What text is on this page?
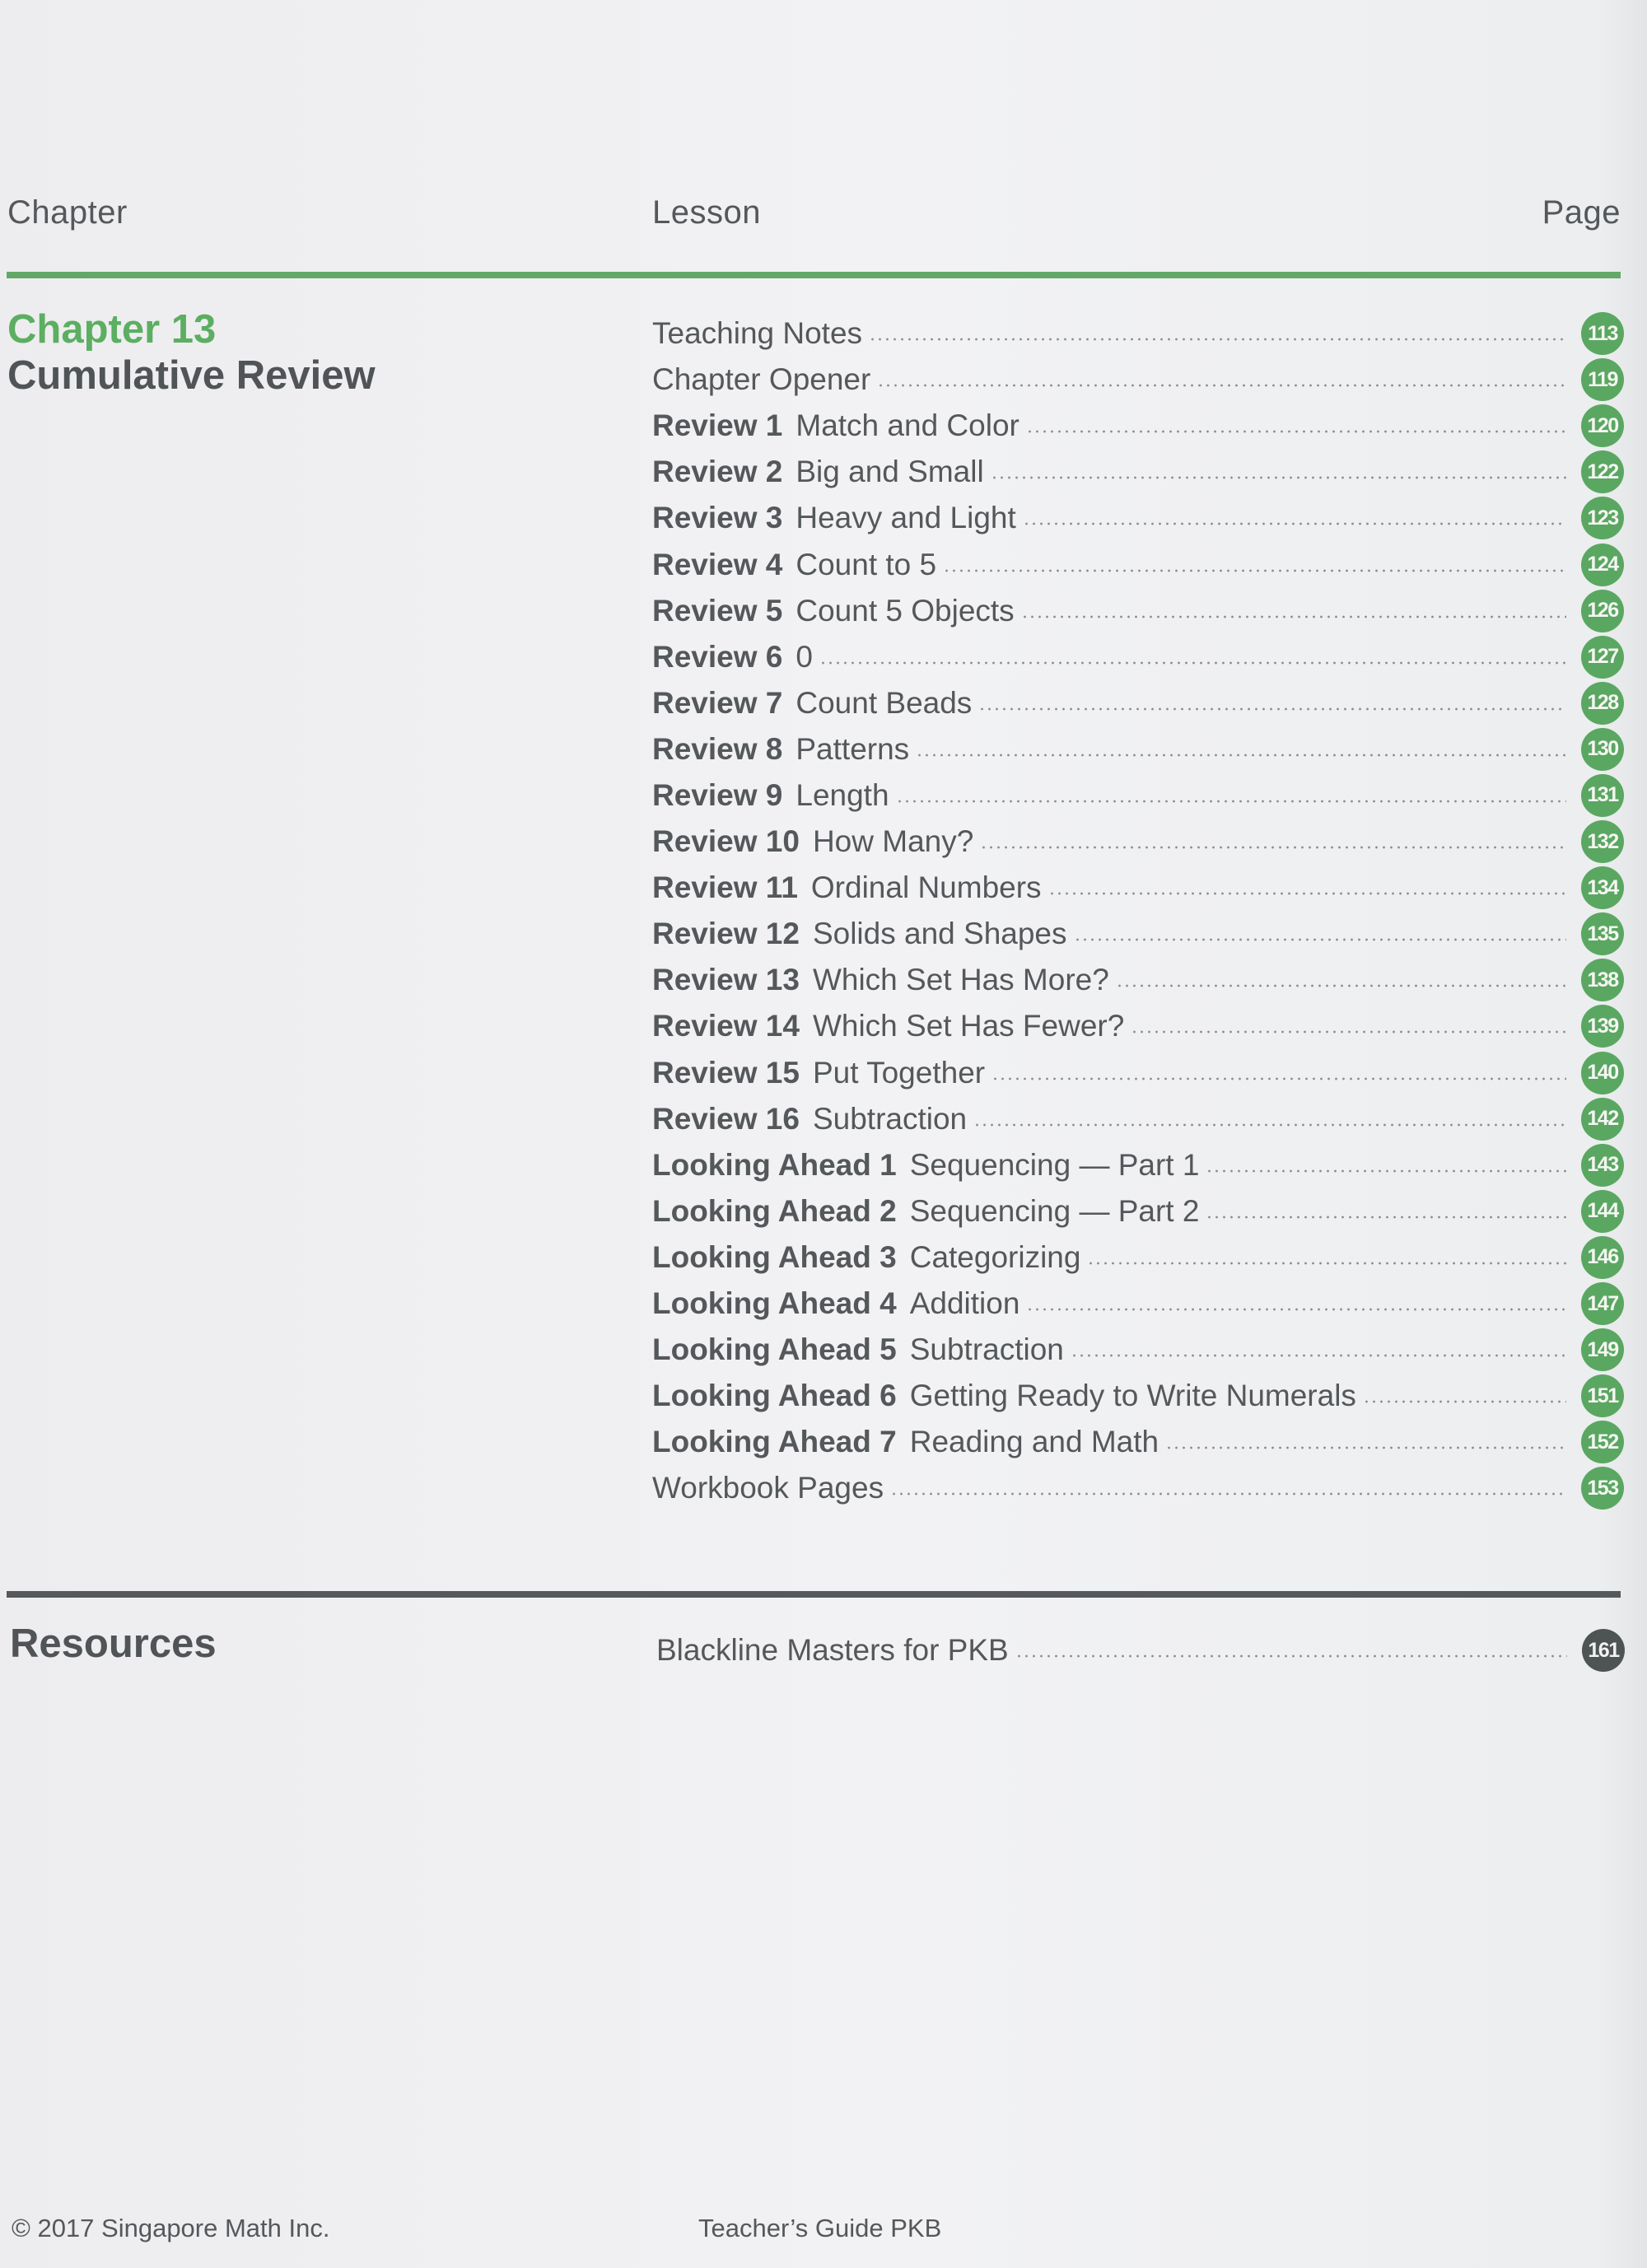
Chapter	Lesson	Page
Chapter 13
Cumulative Review
Teaching Notes	113
Chapter Opener	119
Review 1 Match and Color	120
Review 2 Big and Small	122
Review 3 Heavy and Light	123
Review 4 Count to 5	124
Review 5 Count 5 Objects	126
Review 6 0	127
Review 7 Count Beads	128
Review 8 Patterns	130
Review 9 Length	131
Review 10 How Many?	132
Review 11 Ordinal Numbers	134
Review 12 Solids and Shapes	135
Review 13 Which Set Has More?	138
Review 14 Which Set Has Fewer?	139
Review 15 Put Together	140
Review 16 Subtraction	142
Looking Ahead 1 Sequencing — Part 1	143
Looking Ahead 2 Sequencing — Part 2	144
Looking Ahead 3 Categorizing	146
Looking Ahead 4 Addition	147
Looking Ahead 5 Subtraction	149
Looking Ahead 6 Getting Ready to Write Numerals	151
Looking Ahead 7 Reading and Math	152
Workbook Pages	153
Resources	Blackline Masters for PKB	161
© 2017 Singapore Math Inc.	Teacher’s Guide PKB
